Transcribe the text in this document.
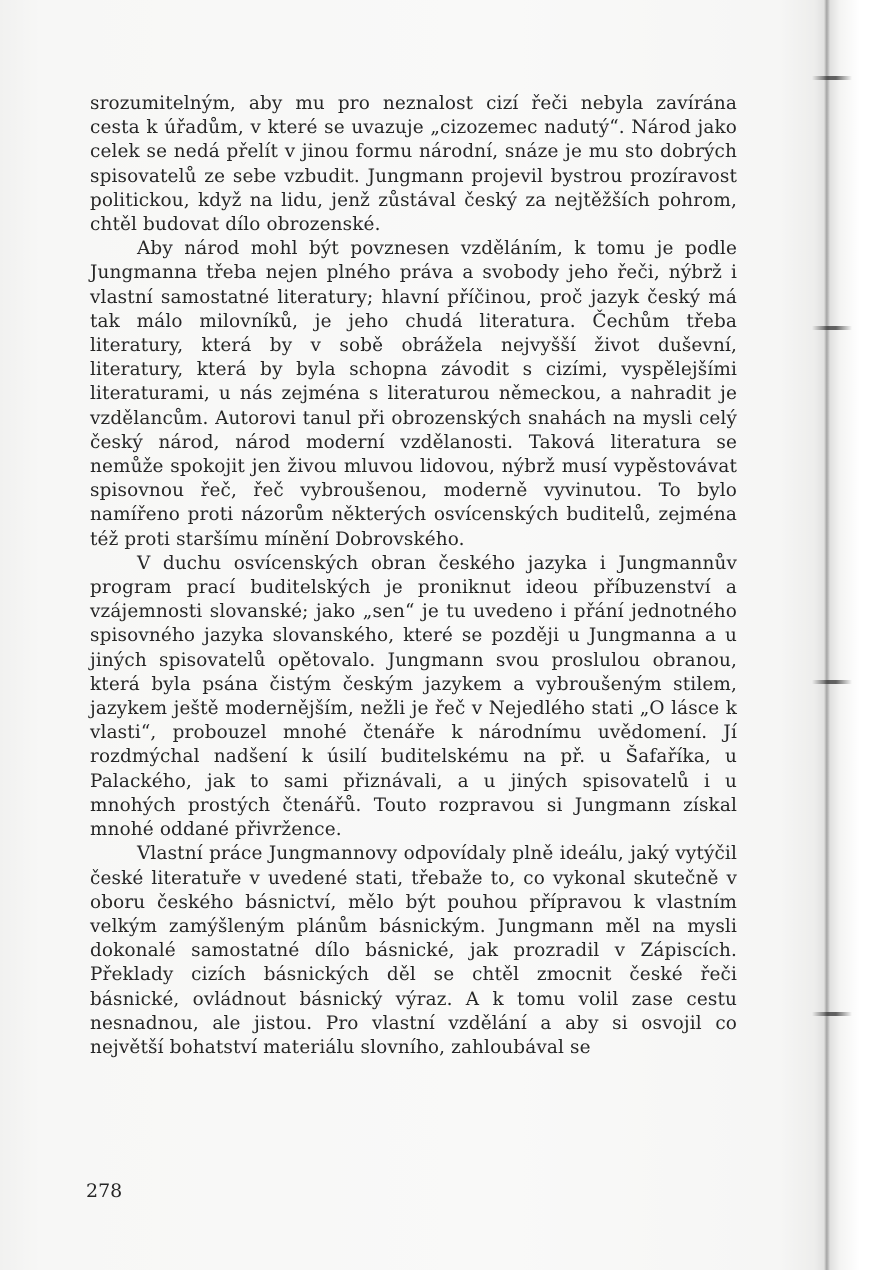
srozumitelným, aby mu pro neznalost cizí řeči nebyla zavírána cesta k úřadům, v které se uvazuje „cizozemec nadutý“. Národ jako celek se nedá přelít v jinou formu národní, snáze je mu sto dobrých spisovatelů ze sebe vzbudit. Jungmann projevil bystrou prozíravost politickou, když na lidu, jenž zůstával český za nejtěžších pohrom, chtěl budovat dílo obrozenské.

Aby národ mohl být povznesen vzděláním, k tomu je podle Jungmanna třeba nejen plného práva a svobody jeho řeči, nýbrž i vlastní samostatné literatury; hlavní příčinou, proč jazyk český má tak málo milovníků, je jeho chudá literatura. Čechům třeba literatury, která by v sobě obrážela nejvyšší život duševní, literatury, která by byla schopna závodit s cizími, vyspělejšími literaturami, u nás zejména s literaturou německou, a nahradit je vzdělancům. Autorovi tanul při obrozenských snahách na mysli celý český národ, národ moderní vzdělanosti. Taková literatura se nemůže spokojit jen živou mluvou lidovou, nýbrž musí vypěstovávat spisovnou řeč, řeč vybroušenou, moderně vyvinutou. To bylo namířeno proti názorům některých osvícenských buditelů, zejména též proti staršímu mínění Dobrovského.

V duchu osvícenských obran českého jazyka i Jungmannův program prací buditelských je proniknut ideou příbuzenství a vzájemnosti slovanské; jako „sen“ je tu uvedeno i přání jednotného spisovného jazyka slovanského, které se později u Jungmanna a u jiných spisovatelů opětovalo. Jungmann svou proslulou obranou, která byla psána čistým českým jazykem a vybroušeným stilem, jazykem ještě modernějším, nežli je řeč v Nejedlého stati „O lásce k vlasti“, probouzel mnohé čtenáře k národnímu uvědomení. Jí rozdmýchal nadšení k úsilí buditelskému na př. u Šafaříka, u Palackého, jak to sami přiznávali, a u jiných spisovatelů i u mnohých prostých čtenářů. Touto rozpravou si Jungmann získal mnohé oddané přivržence.

Vlastní práce Jungmannovy odpovídaly plně ideálu, jaký vytýčil české literatuře v uvedené stati, třebaže to, co vykonal skutečně v oboru českého básnictví, mělo být pouhou přípravou k vlastním velkým zamýšleným plánům básnickým. Jungmann měl na mysli dokonalé samostatné dílo básnické, jak prozradil v Zápiscích. Překlady cizích básnických děl se chtěl zmocnit české řeči básnické, ovládnout básnický výraz. A k tomu volil zase cestu nesnadnou, ale jistou. Pro vlastní vzdělání a aby si osvojil co největší bohatství materiálu slovního, zahloubával se

278
